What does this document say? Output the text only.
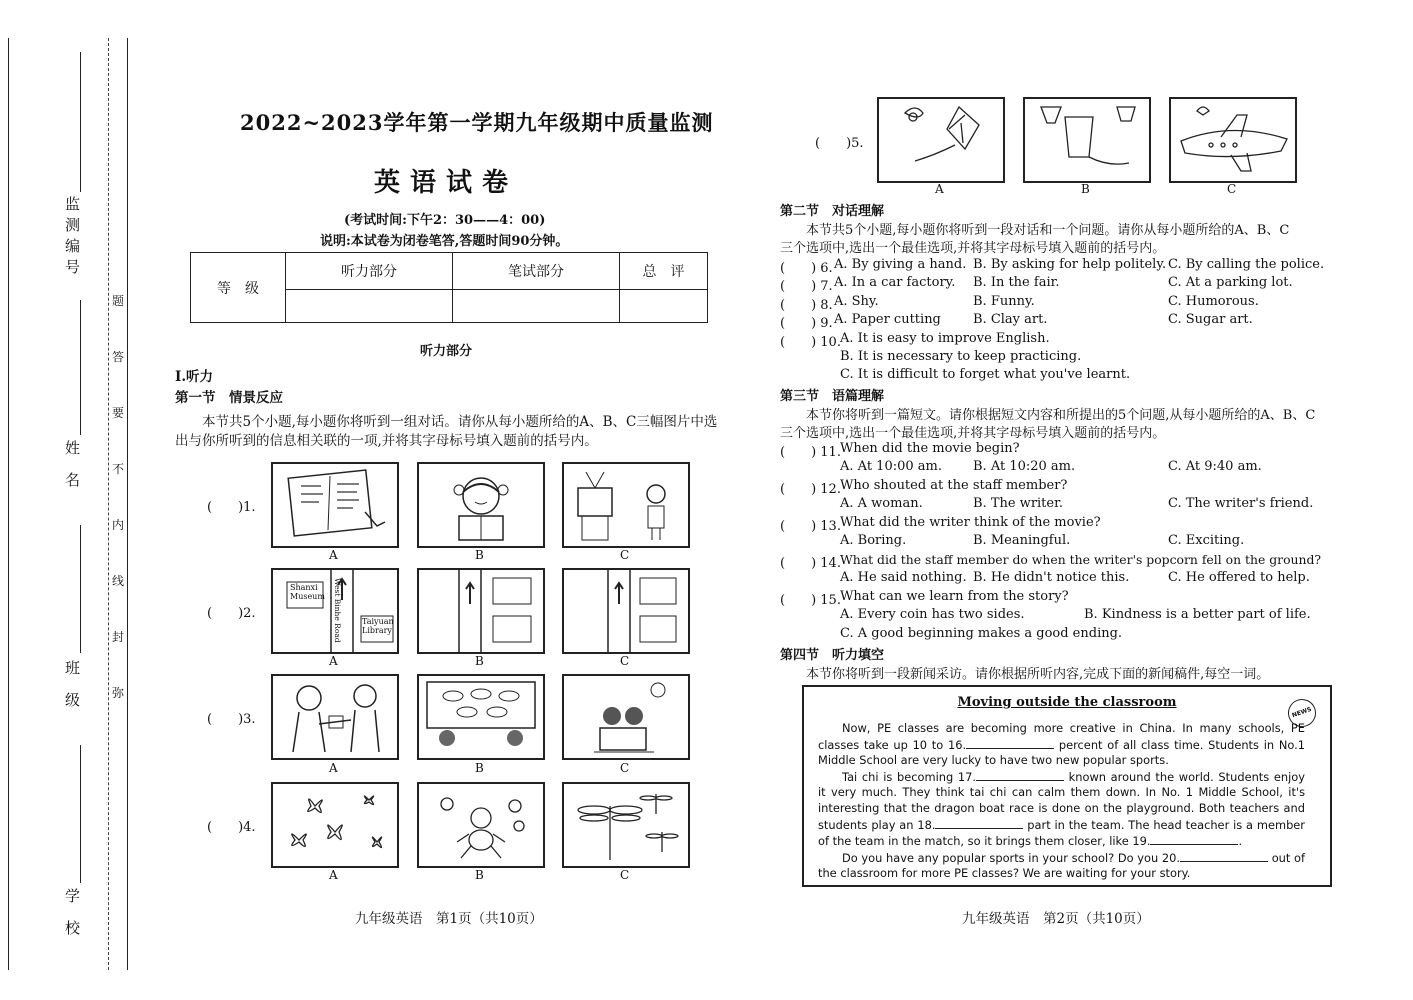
监测编号
姓 名
班 级
学 校
题
答
要
不
内
线
封
弥
2022~2023学年第一学期九年级期中质量监测
英语试卷
(考试时间:下午2：30——4：00)
说明:本试卷为闭卷笔答,答题时间90分钟。
等　级	听力部分	笔试部分	总　评

听力部分
Ⅰ.听力
第一节　情景反应
本节共5个小题,每小题你将听到一组对话。请你从每小题所给的A、B、C三幅图片中选出与你所听到的信息相关联的一项,并将其字母标号填入题前的括号内。
(　　)1.
A	B	C
(　　)2.
A	B	C
(　　)3.
A	B	C
(　　)4.
A	B	C
Shanxi Museum
Taiyuan Library
West Binhe Road
九年级英语　第1页（共10页）
(　　)5.
A	B	C
第二节　对话理解
本节共5个小题,每小题你将听到一段对话和一个问题。请你从每小题所给的A、B、C
三个选项中,选出一个最佳选项,并将其字母标号填入题前的括号内。
(　　) 6. A. By giving a hand. B. By asking for help politely. C. By calling the police.
(　　) 7. A. In a car factory. B. In the fair.	C. At a parking lot.
(　　) 8. A. Shy.	B. Funny.	C. Humorous.
(　　) 9. A. Paper cutting B. Clay art.	C. Sugar art.
(　　) 10. A. It is easy to improve English.
B. It is necessary to keep practicing.
C. It is difficult to forget what you've learnt.
第三节　语篇理解
本节你将听到一篇短文。请你根据短文内容和所提出的5个问题,从每小题所给的A、B、C
三个选项中,选出一个最佳选项,并将其字母标号填入题前的括号内。
(　　) 11. When did the movie begin?
A. At 10:00 am. B. At 10:20 am.	C. At 9:40 am.
(　　) 12. Who shouted at the staff member?
A. A woman.	B. The writer.	C. The writer's friend.
(　　) 13. What did the writer think of the movie?
A. Boring.	B. Meaningful.	C. Exciting.
(　　) 14. What did the staff member do when the writer's popcorn fell on the ground?
A. He said nothing. B. He didn't notice this.	C. He offered to help.
(　　) 15. What can we learn from the story?
A. Every coin has two sides.	B. Kindness is a better part of life.
C. A good beginning makes a good ending.
第四节　听力填空
本节你将听到一段新闻采访。请你根据所听内容,完成下面的新闻稿件,每空一词。
Moving outside the classroom
NEWS
Now, PE classes are becoming more creative in China. In many schools, PE classes take up 10 to 16.	percent of all class time. Students in No.1 Middle School are very lucky to have two new popular sports.
Tai chi is becoming 17.	known around the world. Students enjoy it very much. They think tai chi can calm them down. In No. 1 Middle School, it's interesting that the dragon boat race is done on the playground. Both teachers and students play an 18.	part in the team. The head teacher is a member of the team in the match, so it brings them closer, like 19.	.
Do you have any popular sports in your school? Do you 20.	out of the classroom for more PE classes? We are waiting for your story.
九年级英语　第2页（共10页）
